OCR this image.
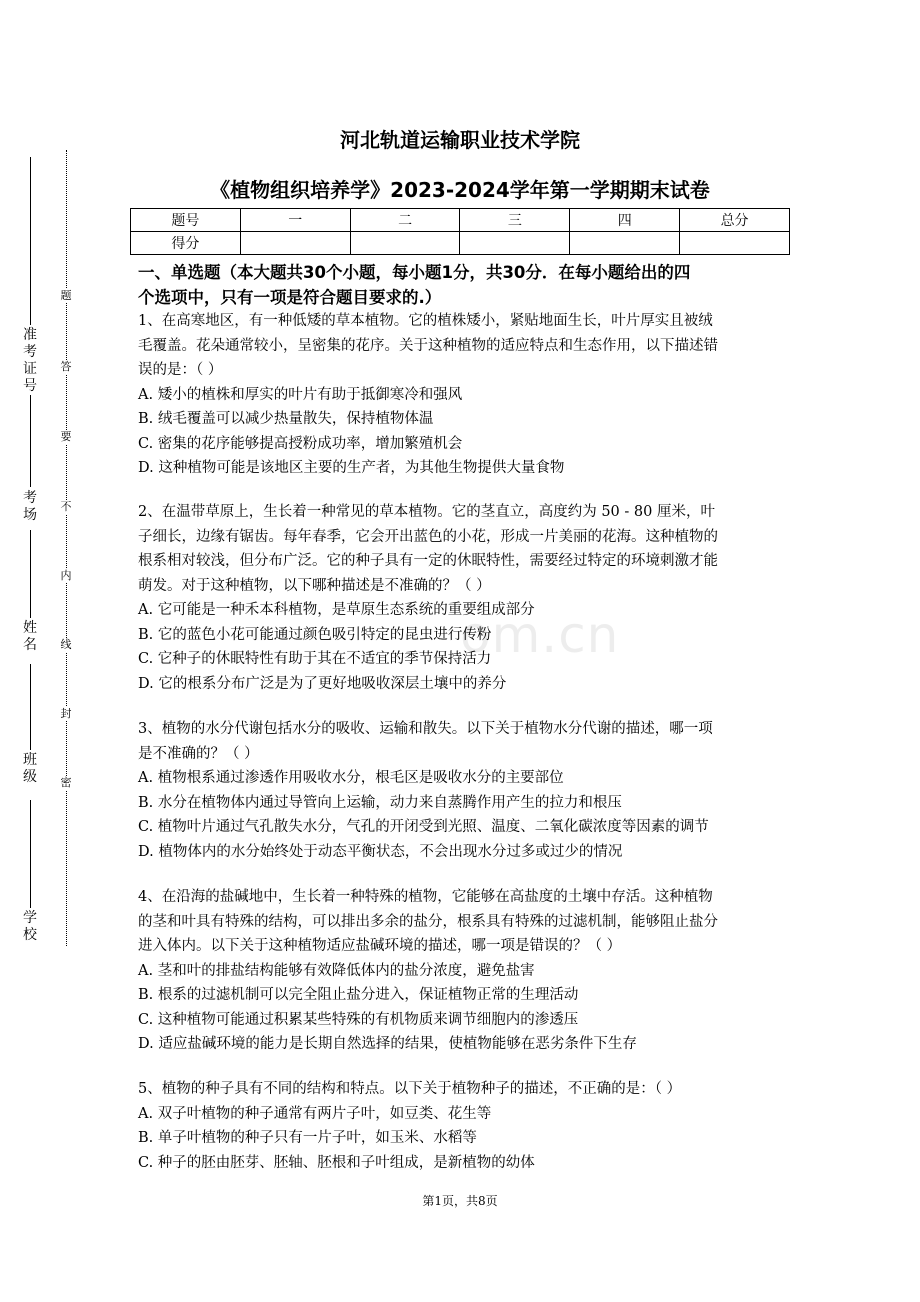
准考证号
考场
姓名
班级
学校
题
答
要
不
内
线
封
密
om.cn
河北轨道运输职业技术学院
《植物组织培养学》2023-2024学年第一学期期末试卷
题号	一	二	三	四	总分
得分					
一、单选题（本大题共30个小题，每小题1分，共30分．在每小题给出的四
个选项中，只有一项是符合题目要求的.）

1、在高寒地区，有一种低矮的草本植物。它的植株矮小，紧贴地面生长，叶片厚实且被绒

毛覆盖。花朵通常较小，呈密集的花序。关于这种植物的适应特点和生态作用，以下描述错

误的是：（ ）

A. 矮小的植株和厚实的叶片有助于抵御寒冷和强风

B. 绒毛覆盖可以减少热量散失，保持植物体温

C. 密集的花序能够提高授粉成功率，增加繁殖机会

D. 这种植物可能是该地区主要的生产者，为其他生物提供大量食物

2、在温带草原上，生长着一种常见的草本植物。它的茎直立，高度约为 50 - 80 厘米，叶

子细长，边缘有锯齿。每年春季，它会开出蓝色的小花，形成一片美丽的花海。这种植物的

根系相对较浅，但分布广泛。它的种子具有一定的休眠特性，需要经过特定的环境刺激才能

萌发。对于这种植物，以下哪种描述是不准确的？（ ）

A. 它可能是一种禾本科植物，是草原生态系统的重要组成部分

B. 它的蓝色小花可能通过颜色吸引特定的昆虫进行传粉

C. 它种子的休眠特性有助于其在不适宜的季节保持活力

D. 它的根系分布广泛是为了更好地吸收深层土壤中的养分

3、植物的水分代谢包括水分的吸收、运输和散失。以下关于植物水分代谢的描述，哪一项

是不准确的？（ ）

A. 植物根系通过渗透作用吸收水分，根毛区是吸收水分的主要部位

B. 水分在植物体内通过导管向上运输，动力来自蒸腾作用产生的拉力和根压

C. 植物叶片通过气孔散失水分，气孔的开闭受到光照、温度、二氧化碳浓度等因素的调节

D. 植物体内的水分始终处于动态平衡状态，不会出现水分过多或过少的情况

4、在沿海的盐碱地中，生长着一种特殊的植物，它能够在高盐度的土壤中存活。这种植物

的茎和叶具有特殊的结构，可以排出多余的盐分，根系具有特殊的过滤机制，能够阻止盐分

进入体内。以下关于这种植物适应盐碱环境的描述，哪一项是错误的？（ ）

A. 茎和叶的排盐结构能够有效降低体内的盐分浓度，避免盐害

B. 根系的过滤机制可以完全阻止盐分进入，保证植物正常的生理活动

C. 这种植物可能通过积累某些特殊的有机物质来调节细胞内的渗透压

D. 适应盐碱环境的能力是长期自然选择的结果，使植物能够在恶劣条件下生存

5、植物的种子具有不同的结构和特点。以下关于植物种子的描述，不正确的是：（ ）

A. 双子叶植物的种子通常有两片子叶，如豆类、花生等

B. 单子叶植物的种子只有一片子叶，如玉米、水稻等

C. 种子的胚由胚芽、胚轴、胚根和子叶组成，是新植物的幼体

第1页，共8页
